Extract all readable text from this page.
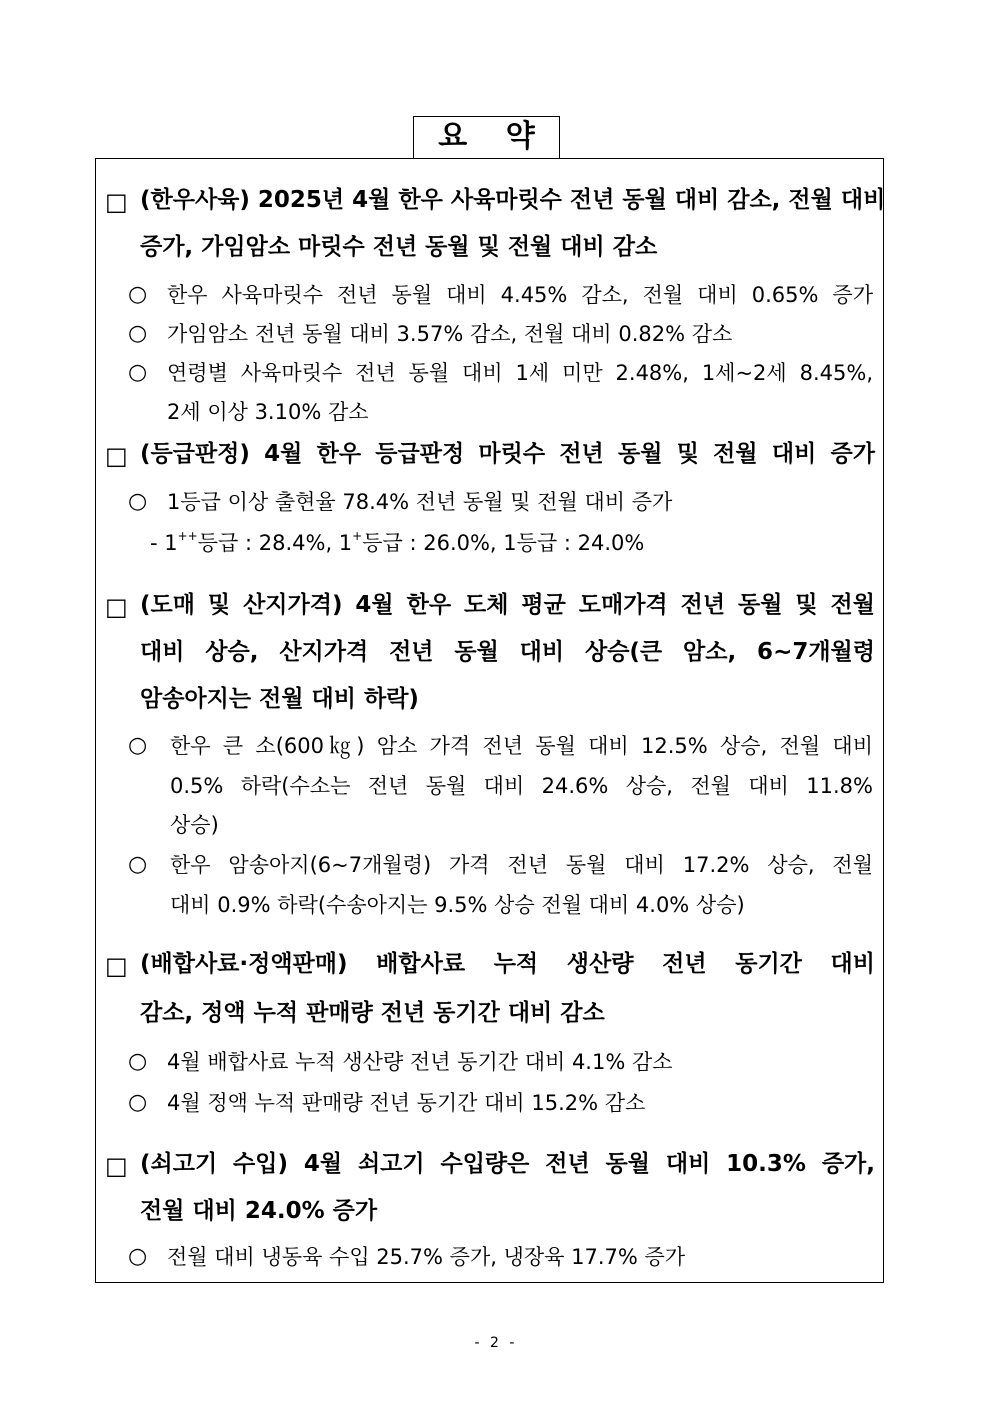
요 약
□ (한우사육) 2025년 4월 한우 사육마릿수 전년 동월 대비 감소, 전월 대비
증가, 가임암소 마릿수 전년 동월 및 전월 대비 감소
○ 한우 사육마릿수 전년 동월 대비 4.45% 감소, 전월 대비 0.65% 증가
○ 가임암소 전년 동월 대비 3.57% 감소, 전월 대비 0.82% 감소
○ 연령별 사육마릿수 전년 동월 대비 1세 미만 2.48%, 1세~2세 8.45%,
2세 이상 3.10% 감소
□ (등급판정) 4월 한우 등급판정 마릿수 전년 동월 및 전월 대비 증가
○ 1등급 이상 출현율 78.4% 전년 동월 및 전월 대비 증가
- 1++등급 : 28.4%, 1+등급 : 26.0%, 1등급 : 24.0%
□ (도매 및 산지가격) 4월 한우 도체 평균 도매가격 전년 동월 및 전월
대비 상승, 산지가격 전년 동월 대비 상승(큰 암소, 6~7개월령
암송아지는 전월 대비 하락)
○ 한우 큰 소(600㎏) 암소 가격 전년 동월 대비 12.5% 상승, 전월 대비
0.5% 하락(수소는 전년 동월 대비 24.6% 상승, 전월 대비 11.8%
상승)
○ 한우 암송아지(6~7개월령) 가격 전년 동월 대비 17.2% 상승, 전월
대비 0.9% 하락(수송아지는 9.5% 상승 전월 대비 4.0% 상승)
□ (배합사료·정액판매) 배합사료 누적 생산량 전년 동기간 대비
감소, 정액 누적 판매량 전년 동기간 대비 감소
○ 4월 배합사료 누적 생산량 전년 동기간 대비 4.1% 감소
○ 4월 정액 누적 판매량 전년 동기간 대비 15.2% 감소
□ (쇠고기 수입) 4월 쇠고기 수입량은 전년 동월 대비 10.3% 증가,
전월 대비 24.0% 증가
○ 전월 대비 냉동육 수입 25.7% 증가, 냉장육 17.7% 증가
- 2 -
